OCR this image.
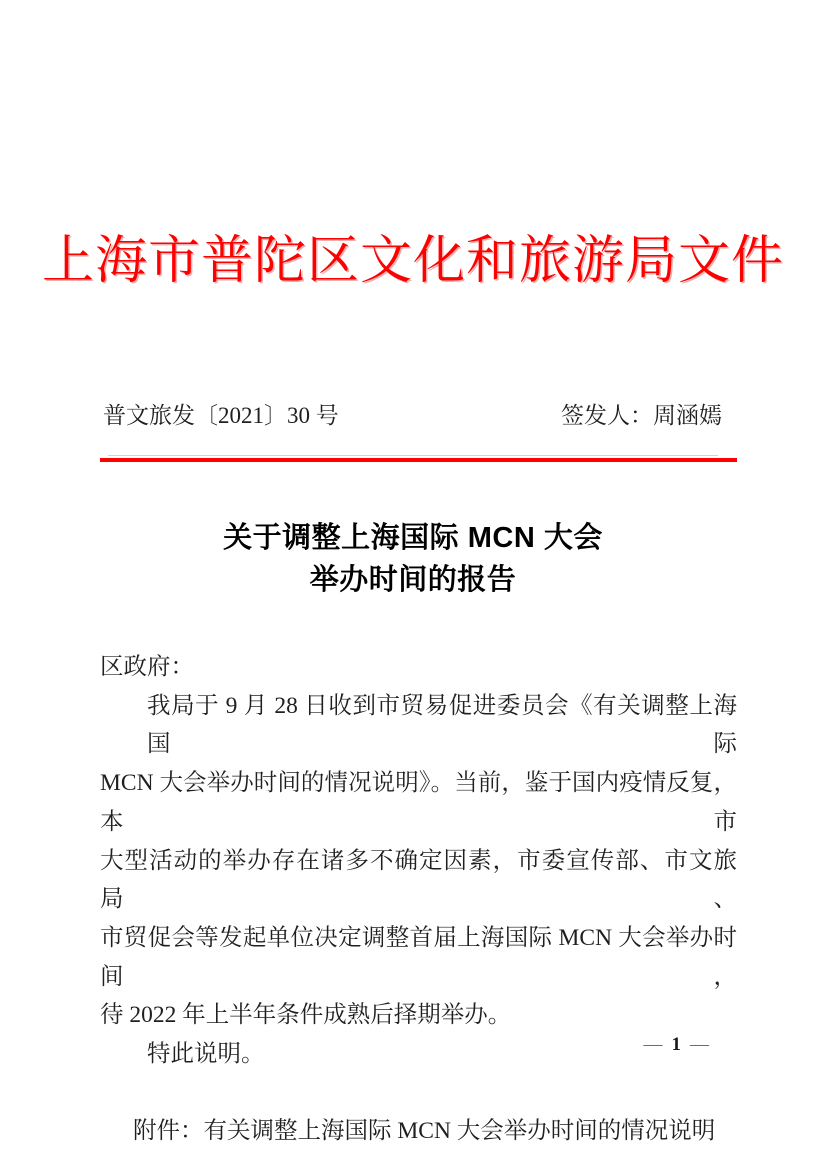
上海市普陀区文化和旅游局文件
普文旅发〔2021〕30 号	签发人：周涵嫣
关于调整上海国际 MCN 大会
举办时间的报告
区政府：
我局于 9 月 28 日收到市贸易促进委员会《有关调整上海国际
MCN 大会举办时间的情况说明》。当前，鉴于国内疫情反复，本市
大型活动的举办存在诸多不确定因素，市委宣传部、市文旅局、
市贸促会等发起单位决定调整首届上海国际 MCN 大会举办时间，
待 2022 年上半年条件成熟后择期举办。
特此说明。
附件：有关调整上海国际 MCN 大会举办时间的情况说明
— 1 —
